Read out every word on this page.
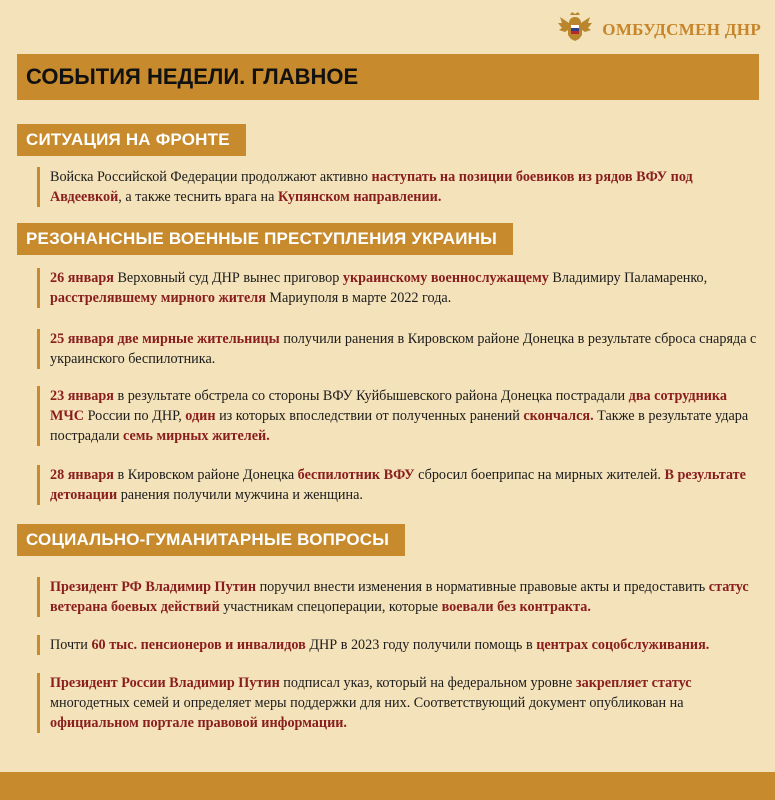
ОМБУДСМЕН ДНР
СОБЫТИЯ НЕДЕЛИ. ГЛАВНОЕ
СИТУАЦИЯ НА ФРОНТЕ
Войска Российской Федерации продолжают активно наступать на позиции боевиков из рядов ВФУ под Авдеевкой, а также теснить врага на Купянском направлении.
РЕЗОНАНСНЫЕ ВОЕННЫЕ ПРЕСТУПЛЕНИЯ УКРАИНЫ
26 января Верховный суд ДНР вынес приговор украинскому военнослужащему Владимиру Паламаренко, расстрелявшему мирного жителя Мариуполя в марте 2022 года.
25 января две мирные жительницы получили ранения в Кировском районе Донецка в результате сброса снаряда с украинского беспилотника.
23 января в результате обстрела со стороны ВФУ Куйбышевского района Донецка пострадали два сотрудника МЧС России по ДНР, один из которых впоследствии от полученных ранений скончался. Также в результате удара пострадали семь мирных жителей.
28 января в Кировском районе Донецка беспилотник ВФУ сбросил боеприпас на мирных жителей. В результате детонации ранения получили мужчина и женщина.
СОЦИАЛЬНО-ГУМАНИТАРНЫЕ ВОПРОСЫ
Президент РФ Владимир Путин поручил внести изменения в нормативные правовые акты и предоставить статус ветерана боевых действий участникам спецоперации, которые воевали без контракта.
Почти 60 тыс. пенсионеров и инвалидов ДНР в 2023 году получили помощь в центрах соцобслуживания.
Президент России Владимир Путин подписал указ, который на федеральном уровне закрепляет статус многодетных семей и определяет меры поддержки для них. Соответствующий документ опубликован на официальном портале правовой информации.
